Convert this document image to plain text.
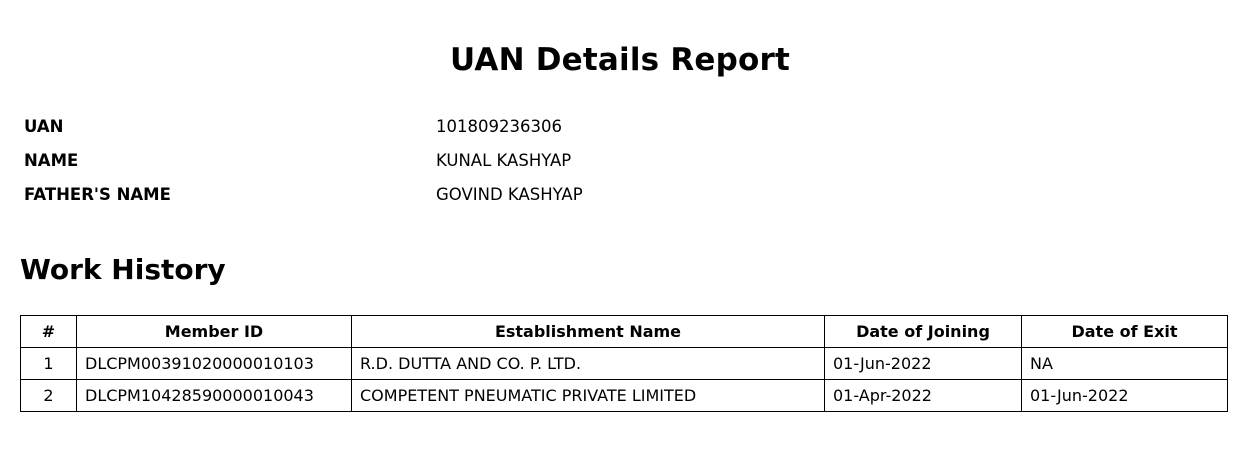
UAN Details Report
UAN	101809236306
NAME	KUNAL KASHYAP
FATHER'S NAME	GOVIND KASHYAP
Work History
#	Member ID	Establishment Name	Date of Joining	Date of Exit
1	DLCPM00391020000010103	R.D. DUTTA AND CO. P. LTD.	01-Jun-2022	NA
2	DLCPM10428590000010043	COMPETENT PNEUMATIC PRIVATE LIMITED	01-Apr-2022	01-Jun-2022
